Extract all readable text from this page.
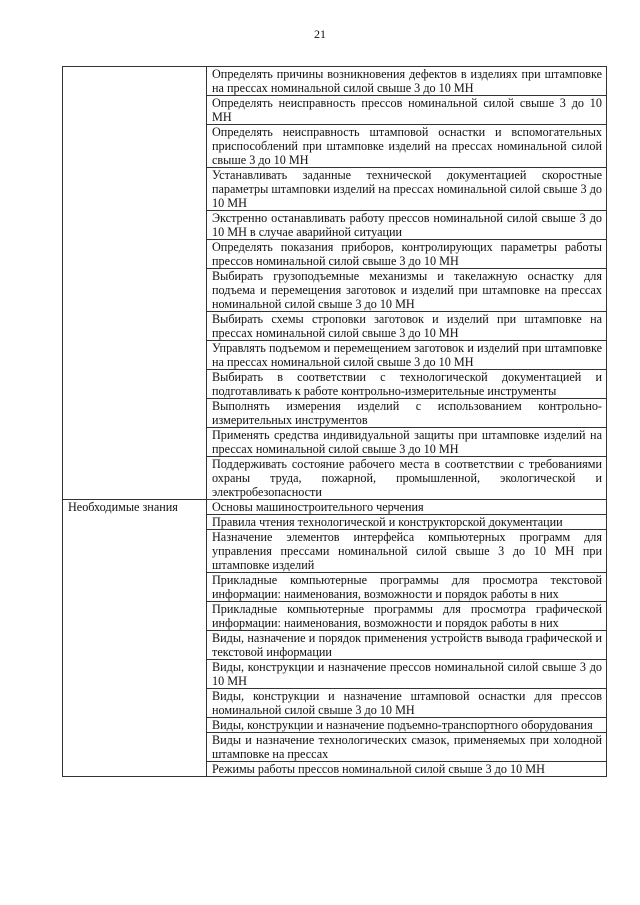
21

	Определять причины возникновения дефектов в изделиях при штамповке на прессах номинальной силой свыше 3 до 10 МН

	Определять неисправность прессов номинальной силой свыше 3 до 10 МН

	Определять неисправность штамповой оснастки и вспомогательных приспособлений при штамповке изделий на прессах номинальной силой свыше 3 до 10 МН

	Устанавливать заданные технической документацией скоростные параметры штамповки изделий на прессах номинальной силой свыше 3 до 10 МН

	Экстренно останавливать работу прессов номинальной силой свыше 3 до 10 МН в случае аварийной ситуации

	Определять показания приборов, контролирующих параметры работы прессов номинальной силой свыше 3 до 10 МН

	Выбирать грузоподъемные механизмы и такелажную оснастку для подъема и перемещения заготовок и изделий при штамповке на прессах номинальной силой свыше 3 до 10 МН

	Выбирать схемы строповки заготовок и изделий при штамповке на прессах номинальной силой свыше 3 до 10 МН

	Управлять подъемом и перемещением заготовок и изделий при штамповке на прессах номинальной силой свыше 3 до 10 МН

	Выбирать в соответствии с технологической документацией и подготавливать к работе контрольно-измерительные инструменты

	Выполнять измерения изделий с использованием контрольно-измерительных инструментов

	Применять средства индивидуальной защиты при штамповке изделий на прессах номинальной силой свыше 3 до 10 МН

	Поддерживать состояние рабочего места в соответствии с требованиями охраны труда, пожарной, промышленной, экологической и электробезопасности

Необходимые знания	Основы машиностроительного черчения

	Правила чтения технологической и конструкторской документации

	Назначение элементов интерфейса компьютерных программ для управления прессами номинальной силой свыше 3 до 10 МН при штамповке изделий

	Прикладные компьютерные программы для просмотра текстовой информации: наименования, возможности и порядок работы в них

	Прикладные компьютерные программы для просмотра графической информации: наименования, возможности и порядок работы в них

	Виды, назначение и порядок применения устройств вывода графической и текстовой информации

	Виды, конструкции и назначение прессов номинальной силой свыше 3 до 10 МН

	Виды, конструкции и назначение штамповой оснастки для прессов номинальной силой свыше 3 до 10 МН

	Виды, конструкции и назначение подъемно-транспортного оборудования

	Виды и назначение технологических смазок, применяемых при холодной штамповке на прессах

	Режимы работы прессов номинальной силой свыше 3 до 10 МН
